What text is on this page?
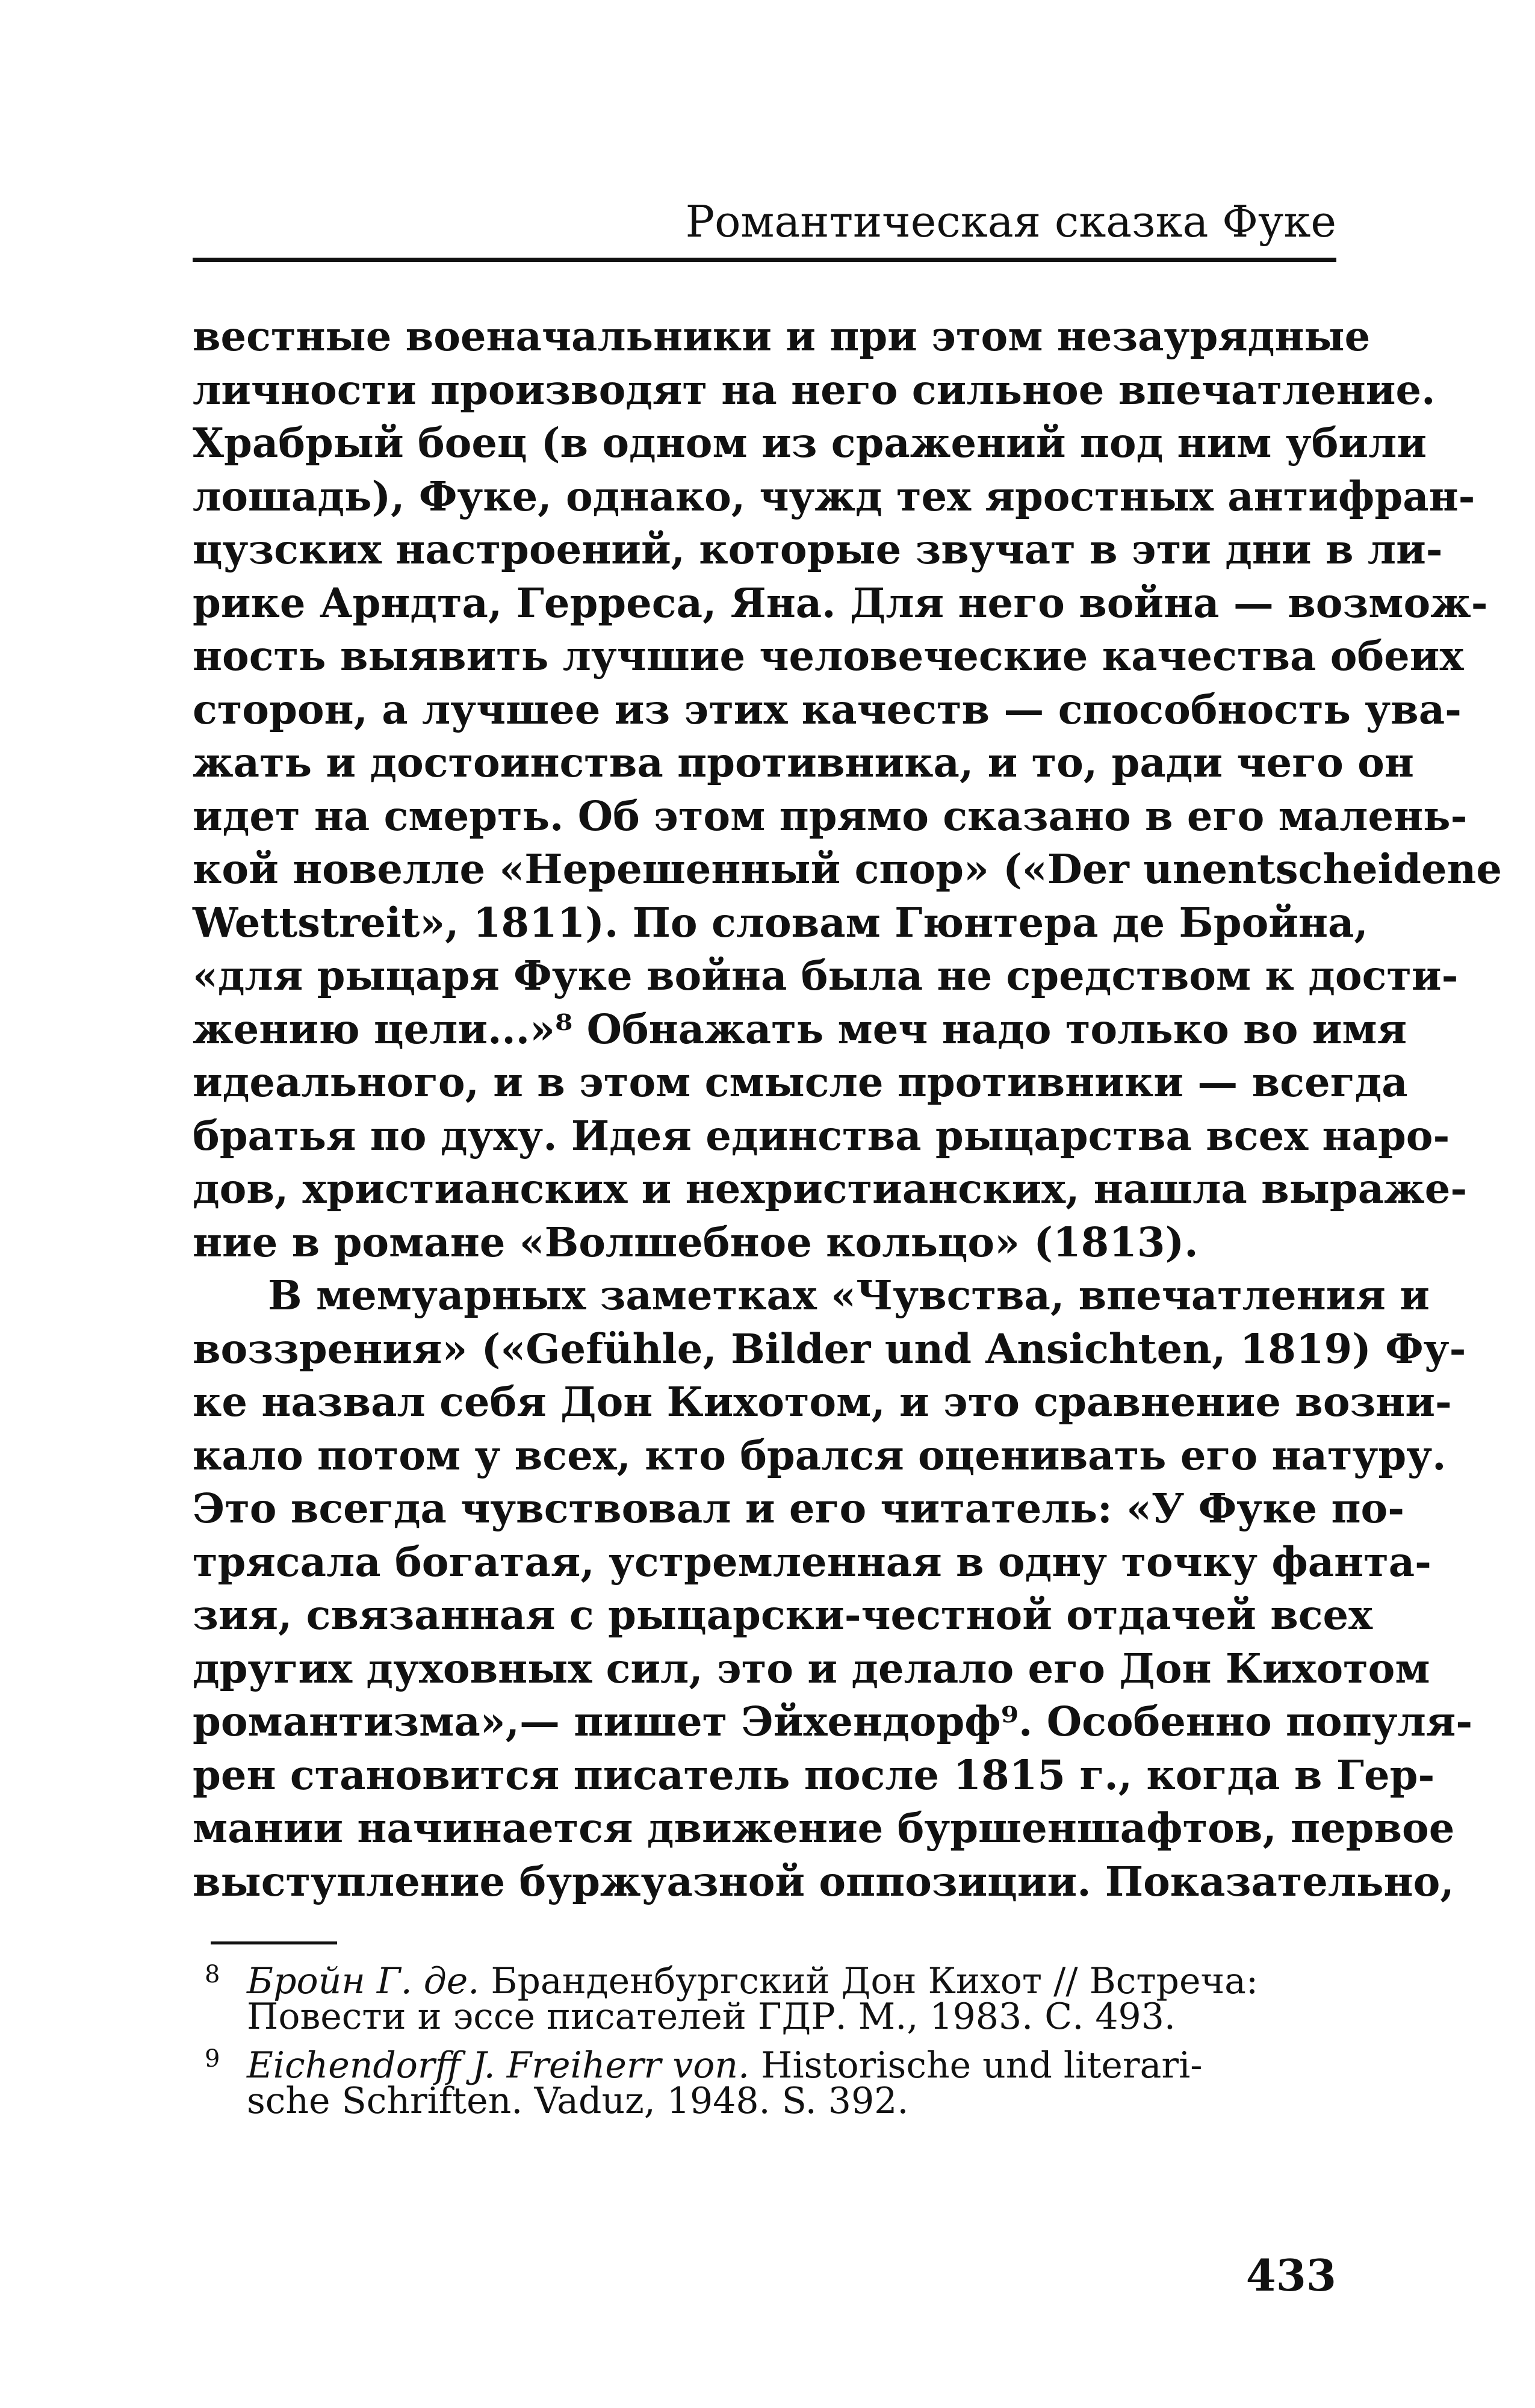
Романтическая сказка Фуке
вестные военачальники и при этом незаурядные
личности производят на него сильное впечатление.
Храбрый боец (в одном из сражений под ним убили
лошадь), Фуке, однако, чужд тех яростных антифран-
цузских настроений, которые звучат в эти дни в ли-
рике Арндта, Герреса, Яна. Для него война — возмож-
ность выявить лучшие человеческие качества обеих
сторон, а лучшее из этих качеств — способность ува-
жать и достоинства противника, и то, ради чего он
идет на смерть. Об этом прямо сказано в его малень-
кой новелле «Нерешенный спор» («Der unentscheidene
Wettstreit», 1811). По словам Гюнтера де Бройна,
«для рыцаря Фуке война была не средством к дости-
жению цели...»⁸ Обнажать меч надо только во имя
идеального, и в этом смысле противники — всегда
братья по духу. Идея единства рыцарства всех наро-
дов, христианских и нехристианских, нашла выраже-
ние в романе «Волшебное кольцо» (1813).
В мемуарных заметках «Чувства, впечатления и
воззрения» («Gefühle, Bilder und Ansichten, 1819) Фу-
ке назвал себя Дон Кихотом, и это сравнение возни-
кало потом у всех, кто брался оценивать его натуру.
Это всегда чувствовал и его читатель: «У Фуке по-
трясала богатая, устремленная в одну точку фанта-
зия, связанная с рыцарски-честной отдачей всех
других духовных сил, это и делало его Дон Кихотом
романтизма»,— пишет Эйхендорф⁹. Особенно популя-
рен становится писатель после 1815 г., когда в Гер-
мании начинается движение буршеншафтов, первое
выступление буржуазной оппозиции. Показательно,
8 Бройн Г. де. Бранденбургский Дон Кихот // Встреча:
Повести и эссе писателей ГДР. М., 1983. С. 493.
9 Eichendorff J. Freiherr von. Historische und literari-
sche Schriften. Vaduz, 1948. S. 392.
433
